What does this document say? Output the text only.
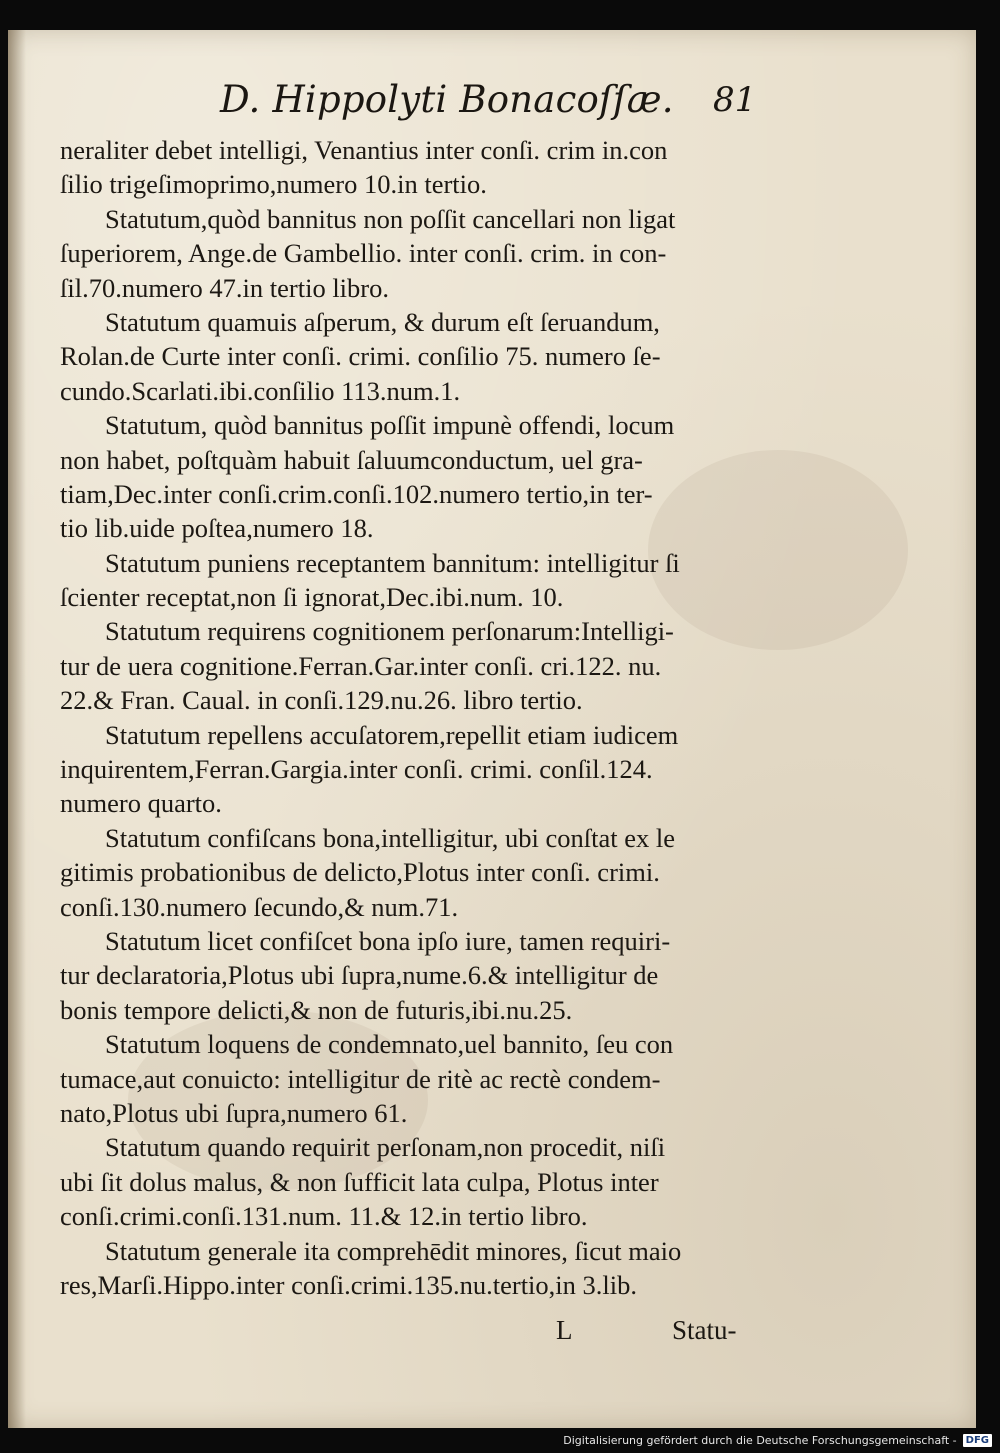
D. Hippolyti Bonacoſſæ. 81
neraliter debet intelligi, Venantius inter conſi. crim in.con
ſilio trigeſimoprimo,numero 10.in tertio.
Statutum,quòd bannitus non poſſit cancellari non ligat
ſuperiorem, Ange.de Gambellio. inter conſi. crim. in con-
ſil.70.numero 47.in tertio libro.
Statutum quamuis aſperum, & durum eſt ſeruandum,
Rolan.de Curte inter conſi. crimi. conſilio 75. numero ſe-
cundo.Scarlati.ibi.conſilio 113.num.1.
Statutum, quòd bannitus poſſit impunè offendi, locum
non habet, poſtquàm habuit ſaluumconductum, uel gra-
tiam,Dec.inter conſi.crim.conſi.102.numero tertio,in ter-
tio lib.uide poſtea,numero 18.
Statutum puniens receptantem bannitum: intelligitur ſi
ſcienter receptat,non ſi ignorat,Dec.ibi.num. 10.
Statutum requirens cognitionem perſonarum:Intelligi-
tur de uera cognitione.Ferran.Gar.inter conſi. cri.122. nu.
22.& Fran. Caual. in conſi.129.nu.26. libro tertio.
Statutum repellens accuſatorem,repellit etiam iudicem
inquirentem,Ferran.Gargia.inter conſi. crimi. conſil.124.
numero quarto.
Statutum confiſcans bona,intelligitur, ubi conſtat ex le
gitimis probationibus de delicto,Plotus inter conſi. crimi.
conſi.130.numero ſecundo,& num.71.
Statutum licet confiſcet bona ipſo iure, tamen requiri-
tur declaratoria,Plotus ubi ſupra,nume.6.& intelligitur de
bonis tempore delicti,& non de futuris,ibi.nu.25.
Statutum loquens de condemnato,uel bannito, ſeu con
tumace,aut conuicto: intelligitur de ritè ac rectè condem-
nato,Plotus ubi ſupra,numero 61.
Statutum quando requirit perſonam,non procedit, niſi
ubi ſit dolus malus, & non ſufficit lata culpa, Plotus inter
conſi.crimi.conſi.131.num. 11.& 12.in tertio libro.
Statutum generale ita comprehēdit minores, ſicut maio
res,Marſi.Hippo.inter conſi.crimi.135.nu.tertio,in 3.lib.
L	Statu-
Digitalisierung gefördert durch die Deutsche Forschungsgemeinschaft - DFG
